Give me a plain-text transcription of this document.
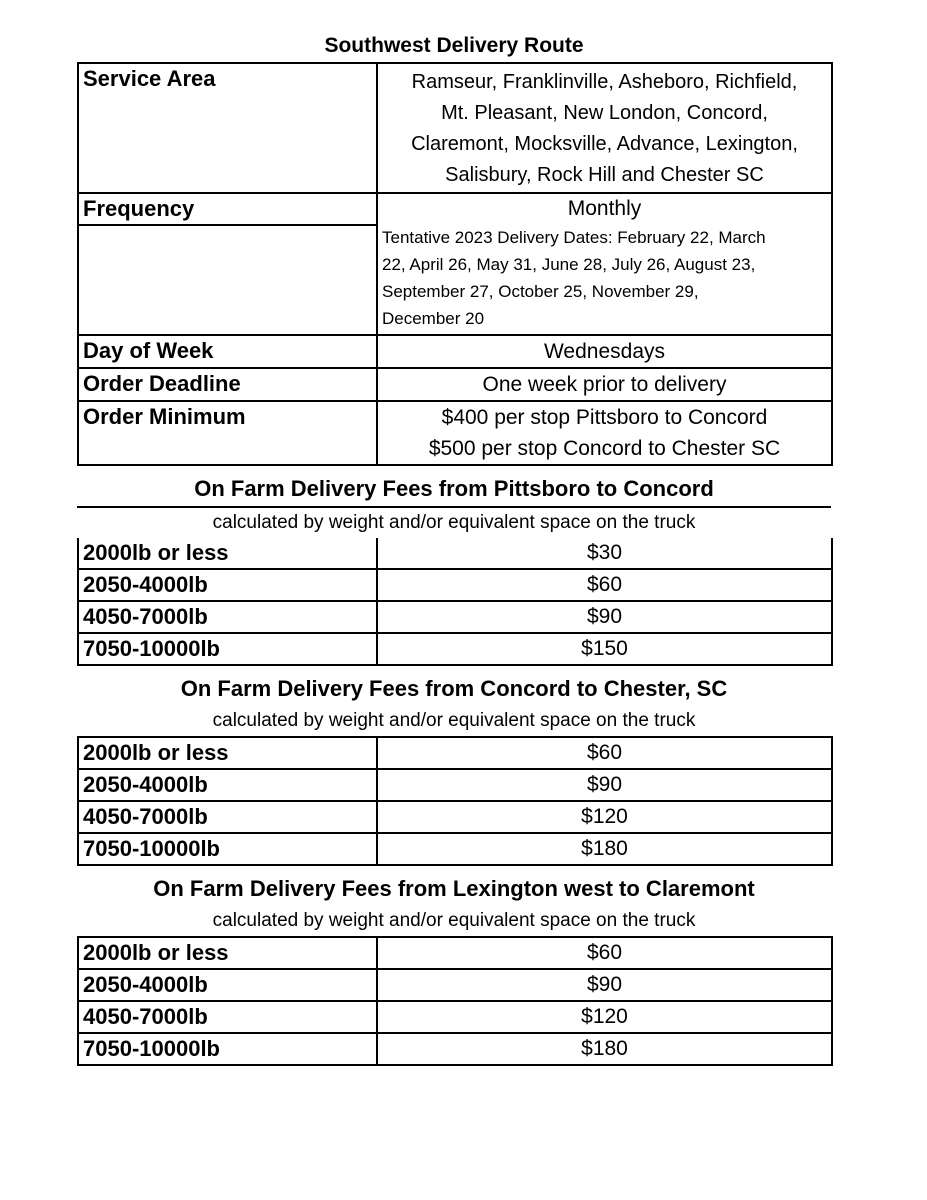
Southwest Delivery Route
Service Area	Ramseur, Franklinville, Asheboro, Richfield,
Mt. Pleasant, New London, Concord,
Claremont, Mocksville, Advance, Lexington,
Salisbury, Rock Hill and Chester SC

Frequency	Monthly
Tentative 2023 Delivery Dates: February 22, March
22, April 26, May 31, June 28, July 26, August 23,
September 27, October 25, November 29,
December 20

Day of Week	Wednesdays
Order Deadline	One week prior to delivery
Order Minimum	$400 per stop Pittsboro to Concord
$500 per stop Concord to Chester SC
On Farm Delivery Fees from Pittsboro to Concord
calculated by weight and/or equivalent space on the truck
2000lb or less	$30
2050-4000lb	$60
4050-7000lb	$90
7050-10000lb	$150
On Farm Delivery Fees from Concord to Chester, SC
calculated by weight and/or equivalent space on the truck
2000lb or less	$60
2050-4000lb	$90
4050-7000lb	$120
7050-10000lb	$180
On Farm Delivery Fees from Lexington west to Claremont
calculated by weight and/or equivalent space on the truck
2000lb or less	$60
2050-4000lb	$90
4050-7000lb	$120
7050-10000lb	$180
